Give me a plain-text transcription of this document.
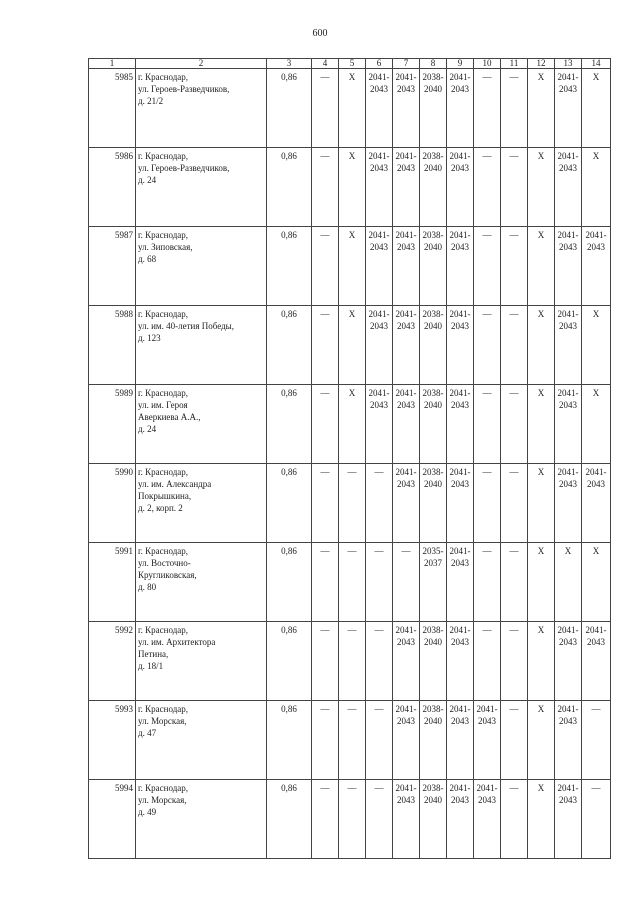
600
1	2	3	4	5	6	7	8	9	10	11	12	13	14
5985	г. Краснодар,
ул. Героев-Разведчиков,
д. 21/2	0,86	—	X	2041-
2043	2041-
2043	2038-
2040	2041-
2043	—	—	X	2041-
2043	X

5986	г. Краснодар,
ул. Героев-Разведчиков,
д. 24	0,86	—	X	2041-
2043	2041-
2043	2038-
2040	2041-
2043	—	—	X	2041-
2043	X

5987	г. Краснодар,
ул. Зиповская,
д. 68	0,86	—	X	2041-
2043	2041-
2043	2038-
2040	2041-
2043	—	—	X	2041-
2043	2041-
2043

5988	г. Краснодар,
ул. им. 40-летия Победы,
д. 123	0,86	—	X	2041-
2043	2041-
2043	2038-
2040	2041-
2043	—	—	X	2041-
2043	X

5989	г. Краснодар,
ул. им. Героя
Аверкиева А.А.,
д. 24	0,86	—	X	2041-
2043	2041-
2043	2038-
2040	2041-
2043	—	—	X	2041-
2043	X

5990	г. Краснодар,
ул. им. Александра
Покрышкина,
д. 2, корп. 2	0,86	—	—	—	2041-
2043	2038-
2040	2041-
2043	—	—	X	2041-
2043	2041-
2043

5991	г. Краснодар,
ул. Восточно-
Кругликовская,
д. 80	0,86	—	—	—	—	2035-
2037	2041-
2043	—	—	X	X	X

5992	г. Краснодар,
ул. им. Архитектора
Петина,
д. 18/1	0,86	—	—	—	2041-
2043	2038-
2040	2041-
2043	—	—	X	2041-
2043	2041-
2043

5993	г. Краснодар,
ул. Морская,
д. 47	0,86	—	—	—	2041-
2043	2038-
2040	2041-
2043	2041-
2043	—	X	2041-
2043	—

5994	г. Краснодар,
ул. Морская,
д. 49	0,86	—	—	—	2041-
2043	2038-
2040	2041-
2043	2041-
2043	—	X	2041-
2043	—
